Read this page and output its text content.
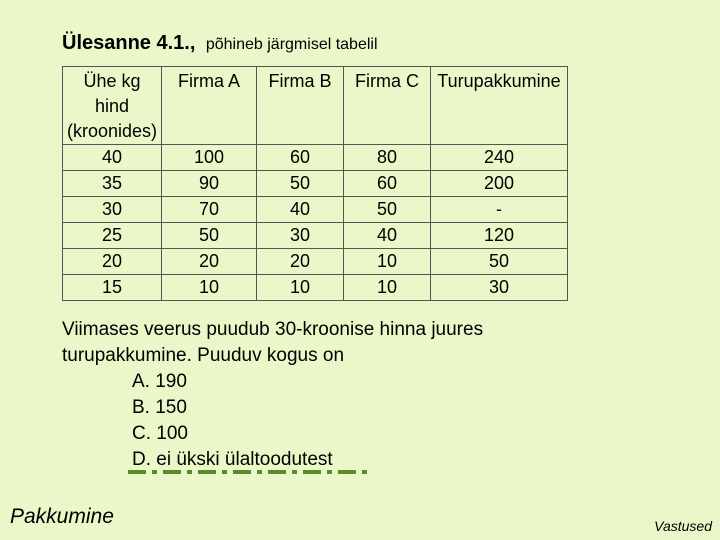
Ülesanne 4.1., põhineb järgmisel tabelil
Ühe kg
hind
(kroonides)	Firma A	Firma B	Firma C	Turupakkumine
40	100	60	80	240
35	90	50	60	200
30	70	40	50	-
25	50	30	40	120
20	20	20	10	50
15	10	10	10	30
Viimases veerus puudub 30-kroonise hinna juures
turupakkumine. Puuduv kogus on
A. 190
B. 150
C. 100
D. ei ükski ülaltoodutest
Pakkumine	Vastused
